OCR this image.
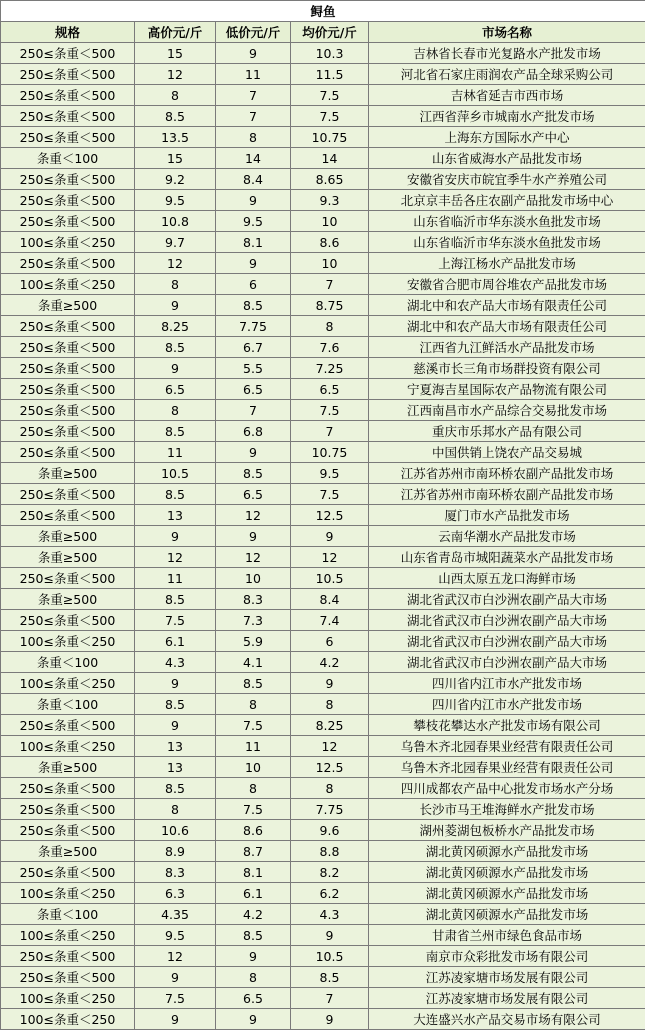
鲟鱼				
规格	高价元/斤	低价元/斤	均价元/斤	市场名称
250≤条重＜500	15	9	10.3	吉林省长春市光复路水产批发市场
250≤条重＜500	12	11	11.5	河北省石家庄雨润农产品全球采购公司
250≤条重＜500	8	7	7.5	吉林省延吉市西市场
250≤条重＜500	8.5	7	7.5	江西省萍乡市城南水产批发市场
250≤条重＜500	13.5	8	10.75	上海东方国际水产中心
条重＜100	15	14	14	山东省威海水产品批发市场
250≤条重＜500	9.2	8.4	8.65	安徽省安庆市皖宜季牛水产养殖公司
250≤条重＜500	9.5	9	9.3	北京京丰岳各庄农副产品批发市场中心
250≤条重＜500	10.8	9.5	10	山东省临沂市华东淡水鱼批发市场
100≤条重＜250	9.7	8.1	8.6	山东省临沂市华东淡水鱼批发市场
250≤条重＜500	12	9	10	上海江杨水产品批发市场
100≤条重＜250	8	6	7	安徽省合肥市周谷堆农产品批发市场
条重≥500	9	8.5	8.75	湖北中和农产品大市场有限责任公司
250≤条重＜500	8.25	7.75	8	湖北中和农产品大市场有限责任公司
250≤条重＜500	8.5	6.7	7.6	江西省九江鲜活水产品批发市场
250≤条重＜500	9	5.5	7.25	慈溪市长三角市场群投资有限公司
250≤条重＜500	6.5	6.5	6.5	宁夏海吉星国际农产品物流有限公司
250≤条重＜500	8	7	7.5	江西南昌市水产品综合交易批发市场
250≤条重＜500	8.5	6.8	7	重庆市乐邦水产品有限公司
250≤条重＜500	11	9	10.75	中国供销上饶农产品交易城
条重≥500	10.5	8.5	9.5	江苏省苏州市南环桥农副产品批发市场
250≤条重＜500	8.5	6.5	7.5	江苏省苏州市南环桥农副产品批发市场
250≤条重＜500	13	12	12.5	厦门市水产品批发市场
条重≥500	9	9	9	云南华潮水产品批发市场
条重≥500	12	12	12	山东省青岛市城阳蔬菜水产品批发市场
250≤条重＜500	11	10	10.5	山西太原五龙口海鲜市场
条重≥500	8.5	8.3	8.4	湖北省武汉市白沙洲农副产品大市场
250≤条重＜500	7.5	7.3	7.4	湖北省武汉市白沙洲农副产品大市场
100≤条重＜250	6.1	5.9	6	湖北省武汉市白沙洲农副产品大市场
条重＜100	4.3	4.1	4.2	湖北省武汉市白沙洲农副产品大市场
100≤条重＜250	9	8.5	9	四川省内江市水产批发市场
条重＜100	8.5	8	8	四川省内江市水产批发市场
250≤条重＜500	9	7.5	8.25	攀枝花攀达水产批发市场有限公司
100≤条重＜250	13	11	12	乌鲁木齐北园春果业经营有限责任公司
条重≥500	13	10	12.5	乌鲁木齐北园春果业经营有限责任公司
250≤条重＜500	8.5	8	8	四川成都农产品中心批发市场水产分场
250≤条重＜500	8	7.5	7.75	长沙市马王堆海鲜水产批发市场
250≤条重＜500	10.6	8.6	9.6	湖州菱湖包板桥水产品批发市场
条重≥500	8.9	8.7	8.8	湖北黄冈硕源水产品批发市场
250≤条重＜500	8.3	8.1	8.2	湖北黄冈硕源水产品批发市场
100≤条重＜250	6.3	6.1	6.2	湖北黄冈硕源水产品批发市场
条重＜100	4.35	4.2	4.3	湖北黄冈硕源水产品批发市场
100≤条重＜250	9.5	8.5	9	甘肃省兰州市绿色食品市场
250≤条重＜500	12	9	10.5	南京市众彩批发市场有限公司
250≤条重＜500	9	8	8.5	江苏凌家塘市场发展有限公司
100≤条重＜250	7.5	6.5	7	江苏凌家塘市场发展有限公司
100≤条重＜250	9	9	9	大连盛兴水产品交易市场有限公司
